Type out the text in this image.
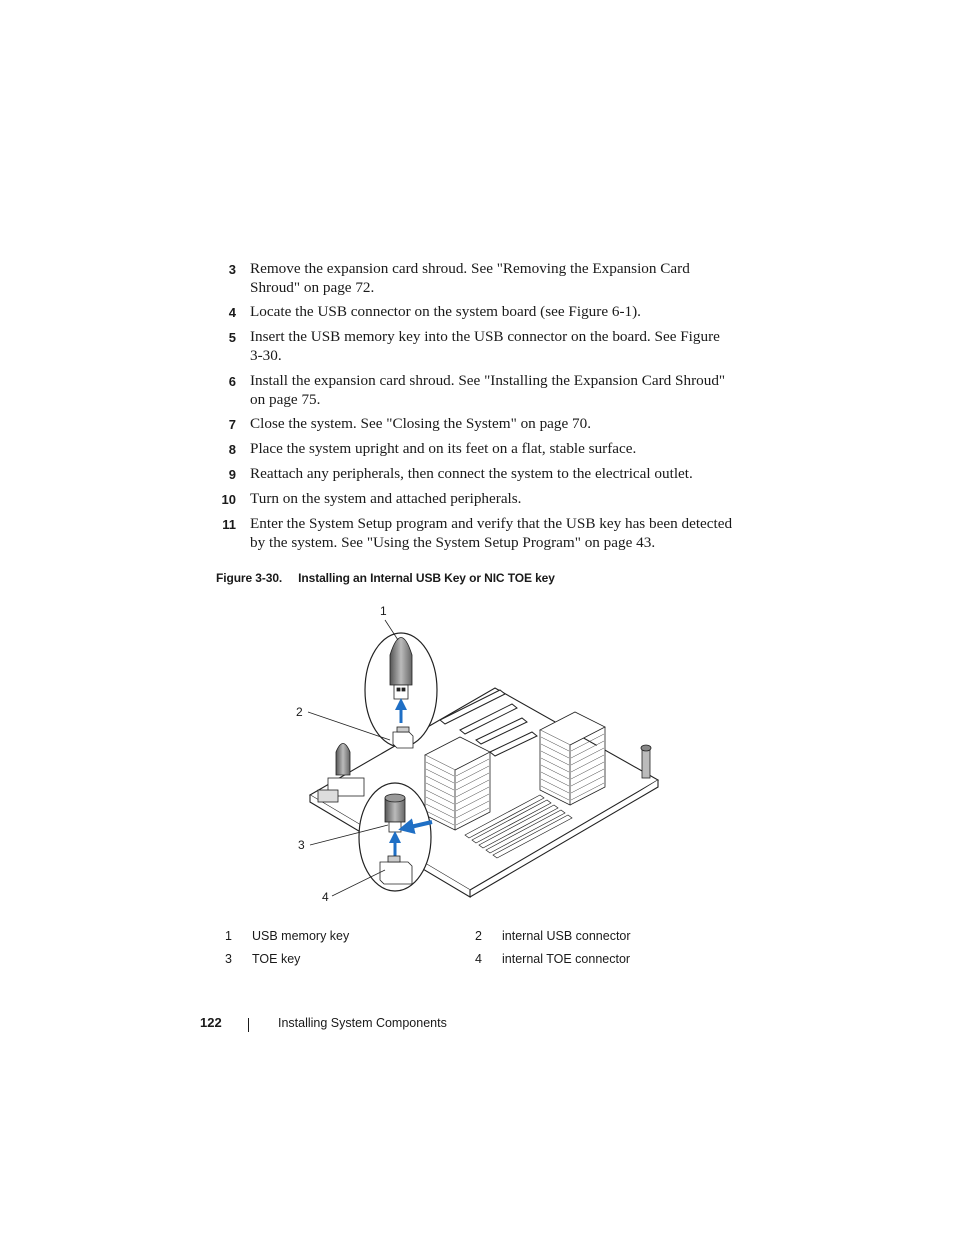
3 Remove the expansion card shroud. See "Removing the Expansion Card Shroud" on page 72.
4 Locate the USB connector on the system board (see Figure 6-1).
5 Insert the USB memory key into the USB connector on the board. See Figure 3-30.
6 Install the expansion card shroud. See "Installing the Expansion Card Shroud" on page 75.
7 Close the system. See "Closing the System" on page 70.
8 Place the system upright and on its feet on a flat, stable surface.
9 Reattach any peripherals, then connect the system to the electrical outlet.
10 Turn on the system and attached peripherals.
11 Enter the System Setup program and verify that the USB key has been detected by the system. See "Using the System Setup Program" on page 43.
Figure 3-30. Installing an Internal USB Key or NIC TOE key
1
2
3
4
1 USB memory key	2 internal USB connector
3 TOE key	4 internal TOE connector
122	Installing System Components
